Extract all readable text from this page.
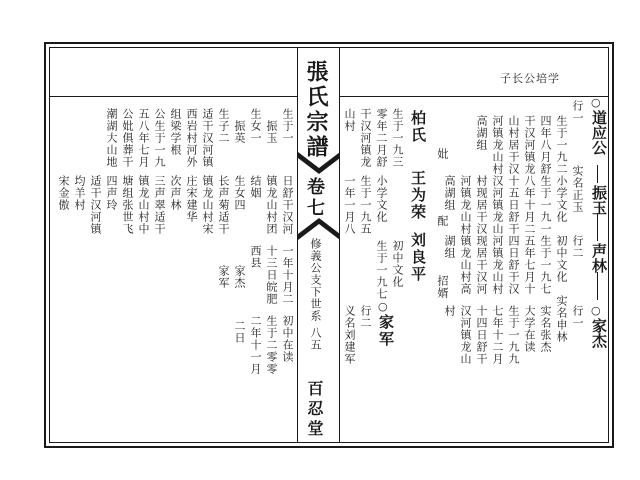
子长公培学
張氏宗譜
卷七
修義公支下世系
八五
百忍堂
○
道应公
振玉
声林
○
家杰
行一
生于一九二
四年八月舒
干汉河镇龙
山村居干汉
河镇龙山村
高湖组
实名正玉
小学文化
生于一九一
八年十月二
十五日舒干
汉河镇龙山
村现居干汉
河镇龙山村
高湖组
行二
初中文化
生于一九七
五年七月十
四日舒干汉
河镇龙山村
现居干汉河
镇龙山村高
湖组
实名申林 行一
实名张杰
大学在读
生于一九九
七年十二月
十四日舒干
汉河镇龙山
村
柏氏
生于一九三
零年二月舒
干汉河镇龙
山村
妣
配
招婿
王为荣
小学文化
生于一九五
一年一月八
刘良平
初中文化
生于一九七
○
家军
行二
义名刘建军
生于一
振玉
生女一
振英
生子二
适干汉河镇
西岩村河外
组梁学根
公生于一九
五八年七月
公妣俱葬干
潮湖大山地
日舒干汉河
镇龙山村团
结姻
生女四
长声菊适干
镇龙山村宋
庄宋建华
次声林
三声翠适干
镇龙山村中
塘组张世飞
四声玲
适干汉河镇
均羊村
宋金傲
一年十月二
十三日皖肥
西县
家杰
家军
初中在读
生于二零零
二年十一月
二日
